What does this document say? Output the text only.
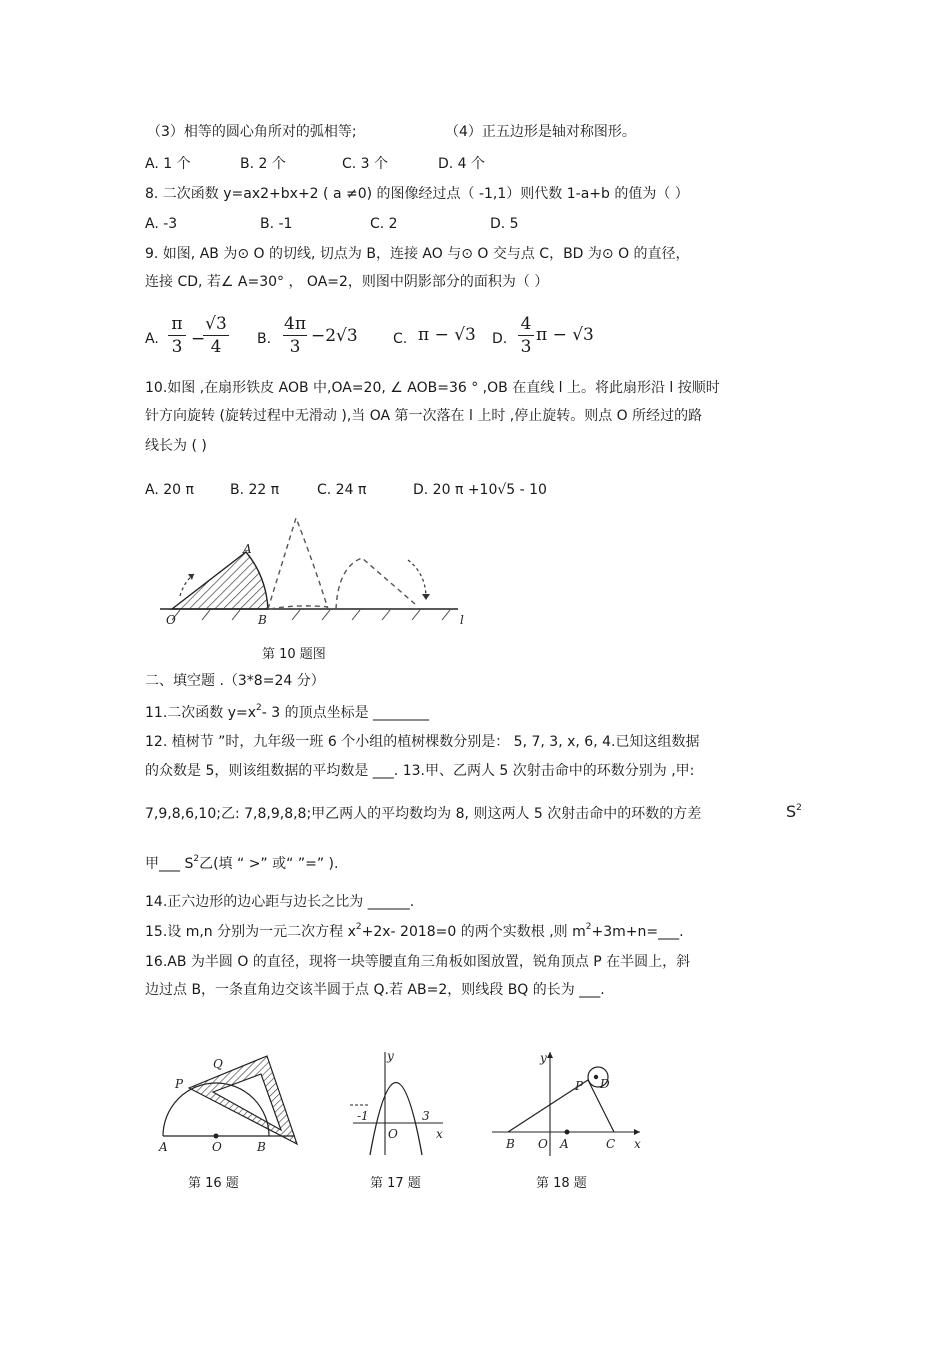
（3）相等的圆心角所对的弧相等;	（4）正五边形是轴对称图形。
A. 1 个	B. 2 个	C. 3 个	D. 4 个
8. 二次函数 y=ax2+bx+2 ( a ≠0) 的图像经过点（ -1,1）则代数 1-a+b 的值为（ ）
A. -3	B. -1	C. 2	D. 5
9. 如图, AB 为⊙ O 的切线, 切点为 B，连接 AO 与⊙ O 交与点 C，BD 为⊙ O 的直径，
连接 CD, 若∠ A=30° ， OA=2，则图中阴影部分的面积为（ ）
A.
π
3 −
√3
4	B.
4π
3
−2√3	C. π − √3 D.
4
3
π − √3
10.如图 ,在扇形铁皮 AOB 中,OA=20, ∠ AOB=36 ° ,OB 在直线 l 上。将此扇形沿 l 按顺时
针方向旋转 (旋转过程中无滑动 ),当 OA 第一次落在 l 上时 ,停止旋转。则点 O 所经过的路
线长为 ( )
A. 20 π	B. 22 π	C. 24 π	D. 20 π +10√5 - 10
A
O	B	l
第 10 题图
二、填空题 .（3*8=24 分）
11.二次函数 $y=x^2-$ 3 的顶点坐标是 ________
12. 植树节 ”时，九年级一班 6 个小组的植树棵数分别是： 5, 7, 3, x, 6, 4.已知这组数据
的众数是 5，则该组数据的平均数是 ___. 13.甲、乙两人 5 次射击命中的环数分别为 ,甲:
7,9,8,6,10;乙: 7,8,9,8,8;甲乙两人的平均数均为 8, 则这两人 5 次射击命中的环数的方差	$S^2$
甲___ $S^2$乙(填 “ >” 或“ ”=” ).
14.正六边形的边心距与边长之比为 ______.
15.设 m,n 分别为一元二次方程 $x^2+2x-$ 2018=0 的两个实数根 ,则 $m^2+3m+n=\_\_\_$.
16.AB 为半圆 O 的直径，现将一块等腰直角三角板如图放置，锐角顶点 P 在半圆上，斜
边过点 B，一条直角边交该半圆于点 Q.若 AB=2，则线段 BQ 的长为 ___.
P
Q
A	O	B
第 16 题
y
-1	3
O	x
第 17 题
y
P D
B O A	C x
第 18 题
